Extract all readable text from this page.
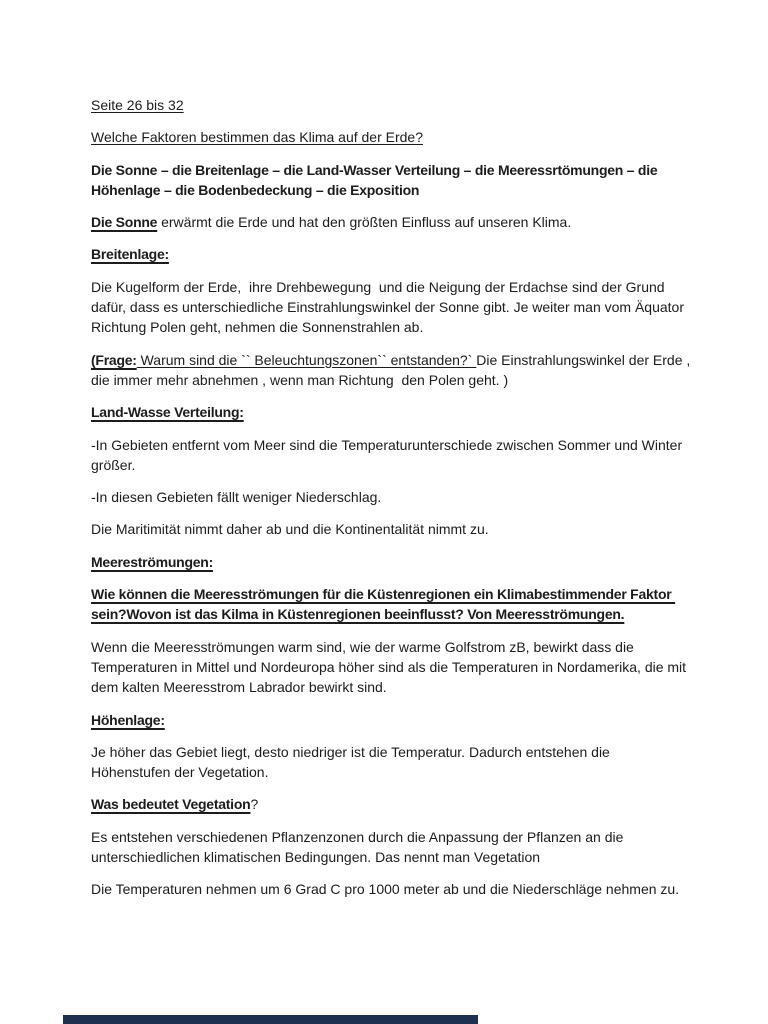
Seite 26 bis 32

Welche Faktoren bestimmen das Klima auf der Erde?

Die Sonne – die Breitenlage – die Land-Wasser Verteilung – die Meeressrtömungen – die Höhenlage – die Bodenbedeckung – die Exposition

Die Sonne erwärmt die Erde und hat den größten Einfluss auf unseren Klima.

Breitenlage:

Die Kugelform der Erde,  ihre Drehbewegung  und die Neigung der Erdachse sind der Grund dafür, dass es unterschiedliche Einstrahlungswinkel der Sonne gibt. Je weiter man vom Äquator Richtung Polen geht, nehmen die Sonnenstrahlen ab.

(Frage: Warum sind die `` Beleuchtungszonen`` entstanden?` Die Einstrahlungswinkel der Erde , die immer mehr abnehmen , wenn man Richtung  den Polen geht. )

Land-Wasse Verteilung:

-In Gebieten entfernt vom Meer sind die Temperaturunterschiede zwischen Sommer und Winter größer.

-In diesen Gebieten fällt weniger Niederschlag.

Die Maritimität nimmt daher ab und die Kontinentalität nimmt zu.

Meereströmungen:

Wie können die Meeresströmungen für die Küstenregionen ein Klimabestimmender Faktor sein?Wovon ist das Kilma in Küstenregionen beeinflusst? Von Meeresströmungen.

Wenn die Meeresströmungen warm sind, wie der warme Golfstrom zB, bewirkt dass die Temperaturen in Mittel und Nordeuropa höher sind als die Temperaturen in Nordamerika, die mit dem kalten Meeresstrom Labrador bewirkt sind.

Höhenlage:

Je höher das Gebiet liegt, desto niedriger ist die Temperatur. Dadurch entstehen die Höhenstufen der Vegetation.

Was bedeutet Vegetation?

Es entstehen verschiedenen Pflanzenzonen durch die Anpassung der Pflanzen an die unterschiedlichen klimatischen Bedingungen. Das nennt man Vegetation

Die Temperaturen nehmen um 6 Grad C pro 1000 meter ab und die Niederschläge nehmen zu.
